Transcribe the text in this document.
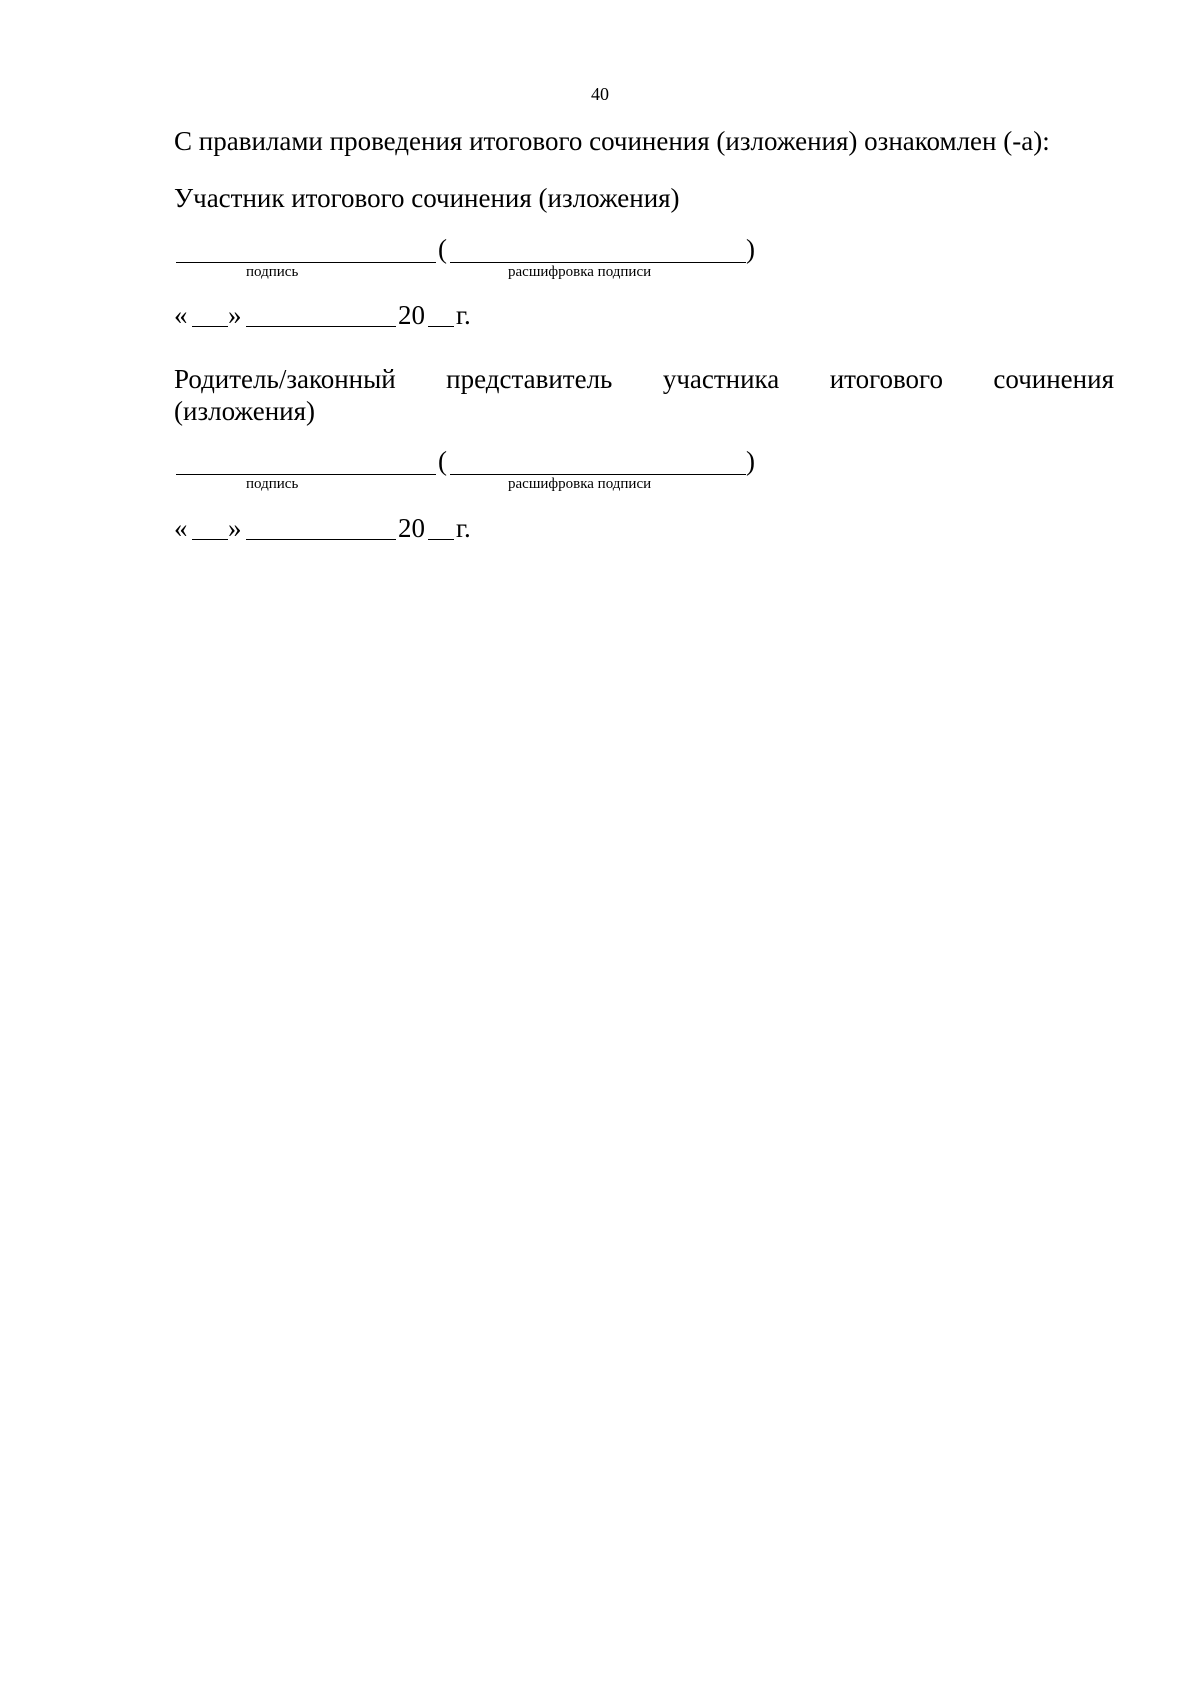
40
С правилами проведения итогового сочинения (изложения) ознакомлен (-а):
Участник итогового сочинения (изложения)
(	)
подпись	расшифровка подписи
« »	20 г.
Родитель/законный представитель участника итогового сочинения
(изложения)
(	)
подпись	расшифровка подписи
« »	20 г.
